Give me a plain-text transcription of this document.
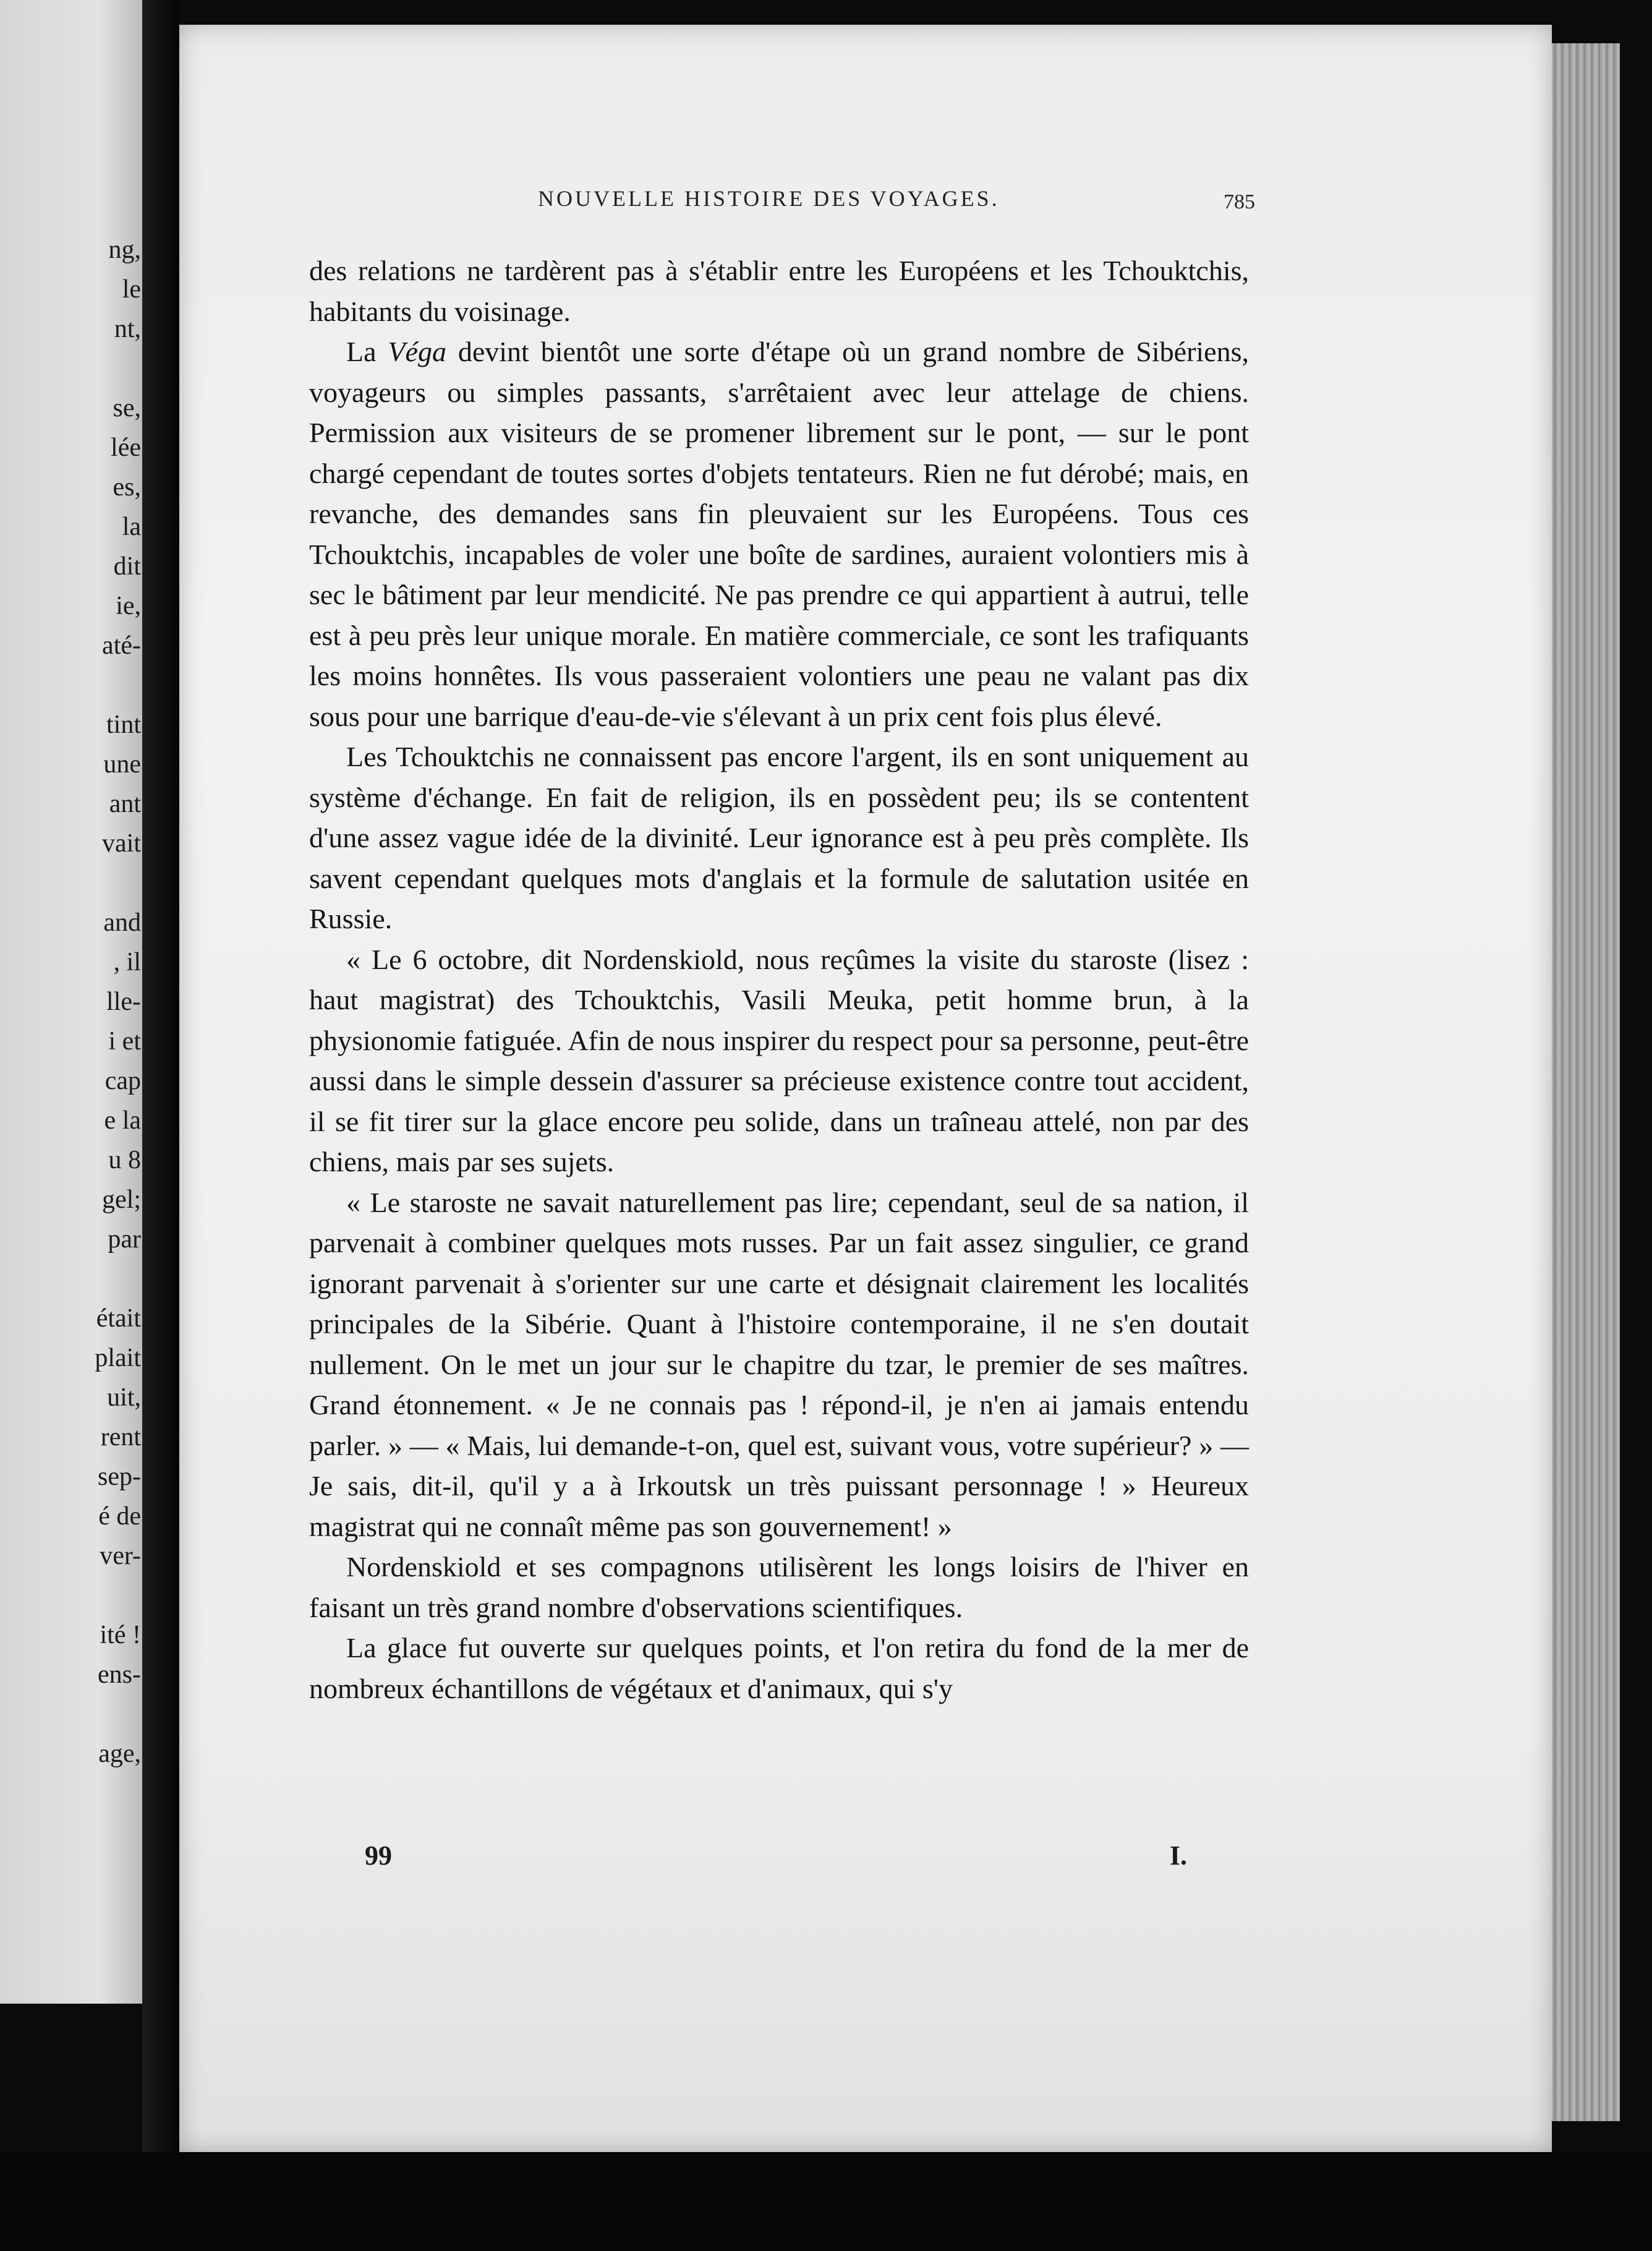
ng,
le
nt,
se,
lée
es,
la
dit
ie,
até-
tint
une
ant
vait
and
, il
lle-
i et
cap
e la
u 8
gel;
par
était
plait
uit,
rent
sep-
é de
ver-
ité !
ens-
age,
NOUVELLE HISTOIRE DES VOYAGES.	785

des relations ne tardèrent pas à s'établir entre les Européens et les Tchouktchis, habitants du voisinage.

La Véga devint bientôt une sorte d'étape où un grand nombre de Sibériens, voyageurs ou simples passants, s'arrêtaient avec leur attelage de chiens. Permission aux visiteurs de se promener librement sur le pont, — sur le pont chargé cependant de toutes sortes d'objets tentateurs. Rien ne fut dérobé; mais, en revanche, des demandes sans fin pleuvaient sur les Européens. Tous ces Tchouktchis, incapables de voler une boîte de sardines, auraient volontiers mis à sec le bâtiment par leur mendicité. Ne pas prendre ce qui appartient à autrui, telle est à peu près leur unique morale. En matière commerciale, ce sont les trafiquants les moins honnêtes. Ils vous passeraient volontiers une peau ne valant pas dix sous pour une barrique d'eau-de-vie s'élevant à un prix cent fois plus élevé.

Les Tchouktchis ne connaissent pas encore l'argent, ils en sont uniquement au système d'échange. En fait de religion, ils en possèdent peu; ils se contentent d'une assez vague idée de la divinité. Leur ignorance est à peu près complète. Ils savent cependant quelques mots d'anglais et la formule de salutation usitée en Russie.

« Le 6 octobre, dit Nordenskiold, nous reçûmes la visite du staroste (lisez : haut magistrat) des Tchouktchis, Vasili Meuka, petit homme brun, à la physionomie fatiguée. Afin de nous inspirer du respect pour sa personne, peut-être aussi dans le simple dessein d'assurer sa précieuse existence contre tout accident, il se fit tirer sur la glace encore peu solide, dans un traîneau attelé, non par des chiens, mais par ses sujets.

« Le staroste ne savait naturellement pas lire; cependant, seul de sa nation, il parvenait à combiner quelques mots russes. Par un fait assez singulier, ce grand ignorant parvenait à s'orienter sur une carte et désignait clairement les localités principales de la Sibérie. Quant à l'histoire contemporaine, il ne s'en doutait nullement. On le met un jour sur le chapitre du tzar, le premier de ses maîtres. Grand étonnement. « Je ne connais pas ! répond-il, je n'en ai jamais entendu parler. » — « Mais, lui demande-t-on, quel est, suivant vous, votre supérieur? » — Je sais, dit-il, qu'il y a à Irkoutsk un très puissant personnage ! » Heureux magistrat qui ne connaît même pas son gouvernement! »

Nordenskiold et ses compagnons utilisèrent les longs loisirs de l'hiver en faisant un très grand nombre d'observations scientifiques.

La glace fut ouverte sur quelques points, et l'on retira du fond de la mer de nombreux échantillons de végétaux et d'animaux, qui s'y

99	I.
